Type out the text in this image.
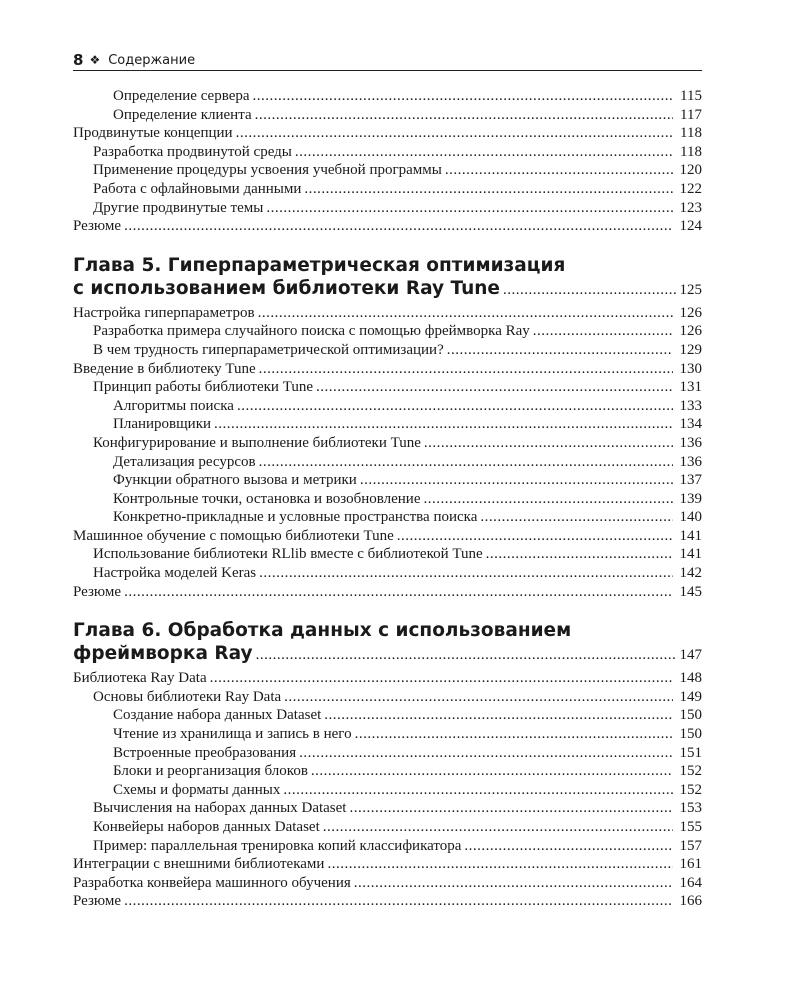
8 ❖ Содержание
Определение сервера .....	115
Определение клиента .....	117
Продвинутые концепции .....	118
Разработка продвинутой среды .....	118
Применение процедуры усвоения учебной программы .....	120
Работа с офлайновыми данными .....	122
Другие продвинутые темы .....	123
Резюме .....	124
Глава 5. Гиперпараметрическая оптимизация
с использованием библиотеки Ray Tune .....	125
Настройка гиперпараметров .....	126
Разработка примера случайного поиска с помощью фреймворка Ray .....	126
В чем трудность гиперпараметрической оптимизации? .....	129
Введение в библиотеку Tune .....	130
Принцип работы библиотеки Tune .....	131
Алгоритмы поиска .....	133
Планировщики .....	134
Конфигурирование и выполнение библиотеки Tune .....	136
Детализация ресурсов .....	136
Функции обратного вызова и метрики .....	137
Контрольные точки, остановка и возобновление .....	139
Конкретно-прикладные и условные пространства поиска .....	140
Машинное обучение с помощью библиотеки Tune .....	141
Использование библиотеки RLlib вместе с библиотекой Tune .....	141
Настройка моделей Keras .....	142
Резюме .....	145
Глава 6. Обработка данных с использованием
фреймворка Ray .....	147
Библиотека Ray Data .....	148
Основы библиотеки Ray Data .....	149
Создание набора данных Dataset .....	150
Чтение из хранилища и запись в него .....	150
Встроенные преобразования .....	151
Блоки и реорганизация блоков .....	152
Схемы и форматы данных .....	152
Вычисления на наборах данных Dataset .....	153
Конвейеры наборов данных Dataset .....	155
Пример: параллельная тренировка копий классификатора .....	157
Интеграции с внешними библиотеками .....	161
Разработка конвейера машинного обучения .....	164
Резюме .....	166
